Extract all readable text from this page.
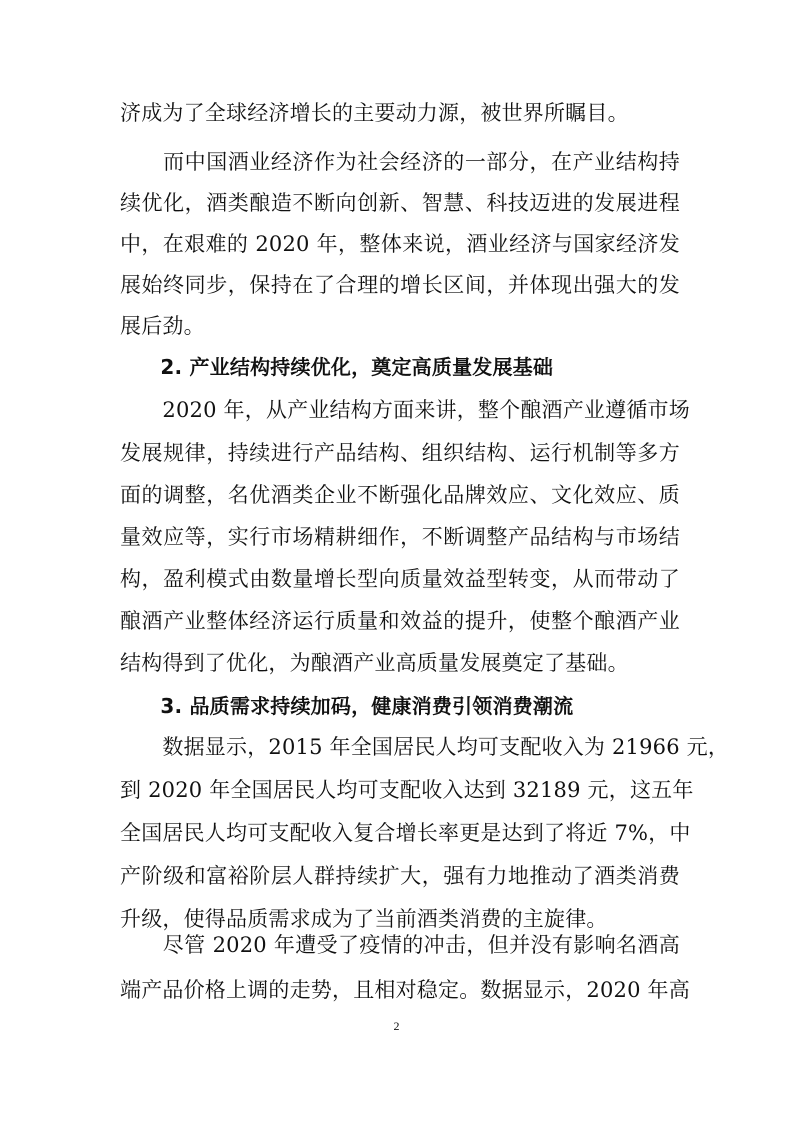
济成为了全球经济增长的主要动力源，被世界所瞩目。
　　而中国酒业经济作为社会经济的一部分，在产业结构持
续优化，酒类酿造不断向创新、智慧、科技迈进的发展进程
中，在艰难的 2020 年，整体来说，酒业经济与国家经济发
展始终同步，保持在了合理的增长区间，并体现出强大的发
展后劲。
　　2. 产业结构持续优化，奠定高质量发展基础
　　2020 年，从产业结构方面来讲，整个酿酒产业遵循市场
发展规律，持续进行产品结构、组织结构、运行机制等多方
面的调整，名优酒类企业不断强化品牌效应、文化效应、质
量效应等，实行市场精耕细作，不断调整产品结构与市场结
构，盈利模式由数量增长型向质量效益型转变，从而带动了
酿酒产业整体经济运行质量和效益的提升，使整个酿酒产业
结构得到了优化，为酿酒产业高质量发展奠定了基础。
　　3. 品质需求持续加码，健康消费引领消费潮流
　　数据显示，2015 年全国居民人均可支配收入为 21966 元，
到 2020 年全国居民人均可支配收入达到 32189 元，这五年
全国居民人均可支配收入复合增长率更是达到了将近 7%，中
产阶级和富裕阶层人群持续扩大，强有力地推动了酒类消费
升级，使得品质需求成为了当前酒类消费的主旋律。
　　尽管 2020 年遭受了疫情的冲击，但并没有影响名酒高
端产品价格上调的走势，且相对稳定。数据显示，2020 年高
2
